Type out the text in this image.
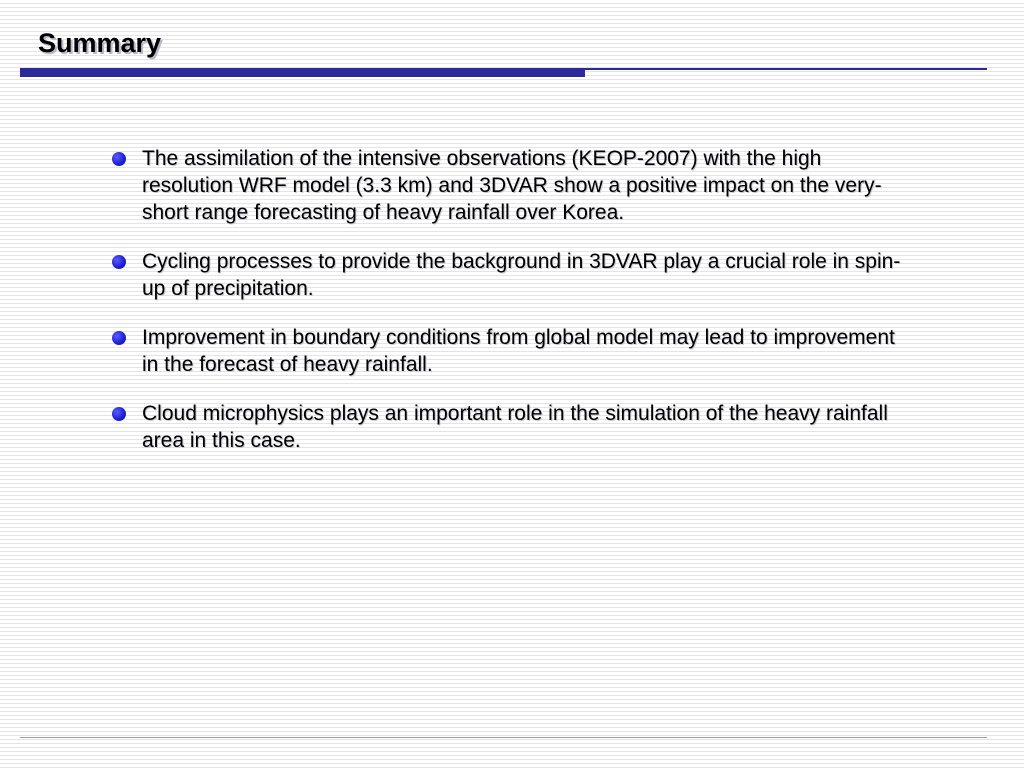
Summary
The assimilation of the intensive observations (KEOP-2007) with the high resolution WRF model (3.3 km) and 3DVAR show a positive impact on the very-short range forecasting of heavy rainfall over Korea.
Cycling processes to provide the background in 3DVAR play a crucial role in spin-up of precipitation.
Improvement in boundary conditions from global model may lead to improvement in the forecast of heavy rainfall.
Cloud microphysics plays an important role in the simulation of the heavy rainfall area in this case.
